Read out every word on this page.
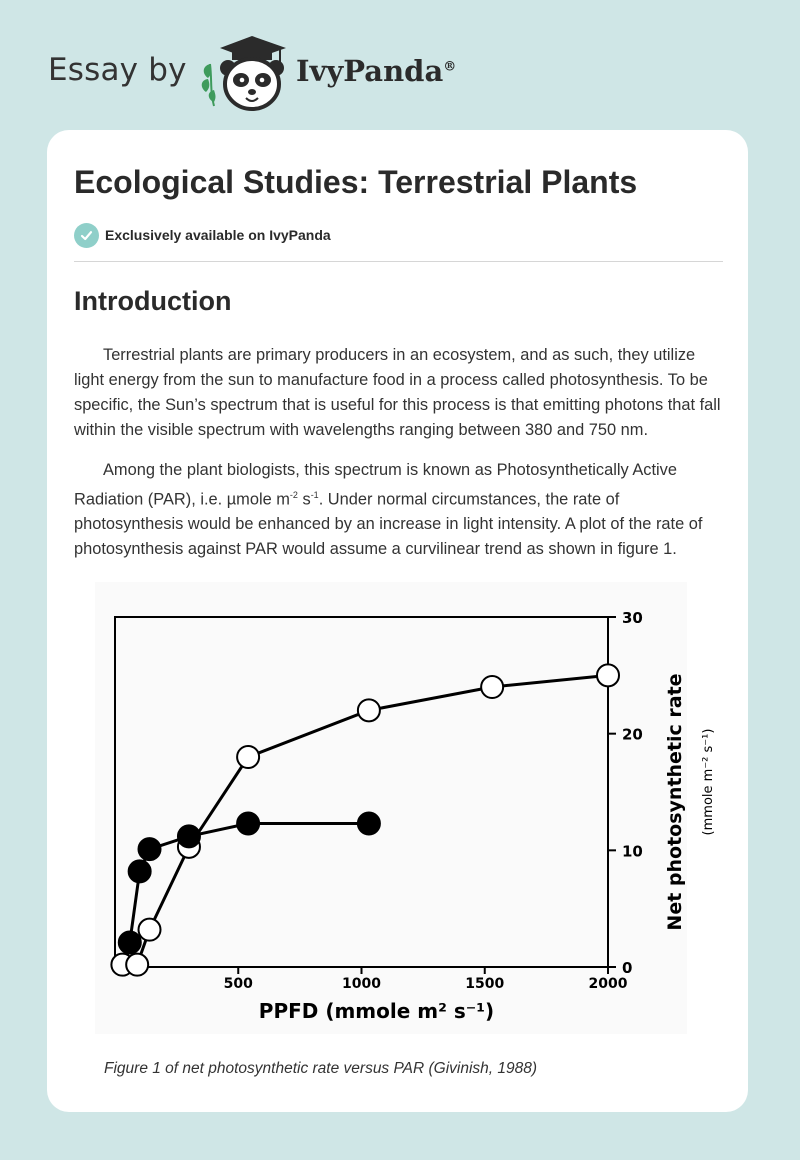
Essay by	IvyPanda®
Ecological Studies: Terrestrial Plants
Exclusively available on IvyPanda
Introduction

Terrestrial plants are primary producers in an ecosystem, and as such, they utilize light energy from the sun to manufacture food in a process called photosynthesis. To be specific, the Sun’s spectrum that is useful for this process is that emitting photons that fall within the visible spectrum with wavelengths ranging between 380 and 750 nm.

Among the plant biologists, this spectrum is known as Photosynthetically Active Radiation (PAR), i.e. µmole $m^{-2}$ $s^{-1}$. Under normal circumstances, the rate of photosynthesis would be enhanced by an increase in light intensity. A plot of the rate of photosynthesis against PAR would assume a curvilinear trend as shown in figure 1.

0
10
20
30
500	1000	1500	2000
PPFD (mmole m² s⁻¹)
Net photosynthetic rate (mmole m⁻² s⁻¹)

Figure 1 of net photosynthetic rate versus PAR (Givinish, 1988)
